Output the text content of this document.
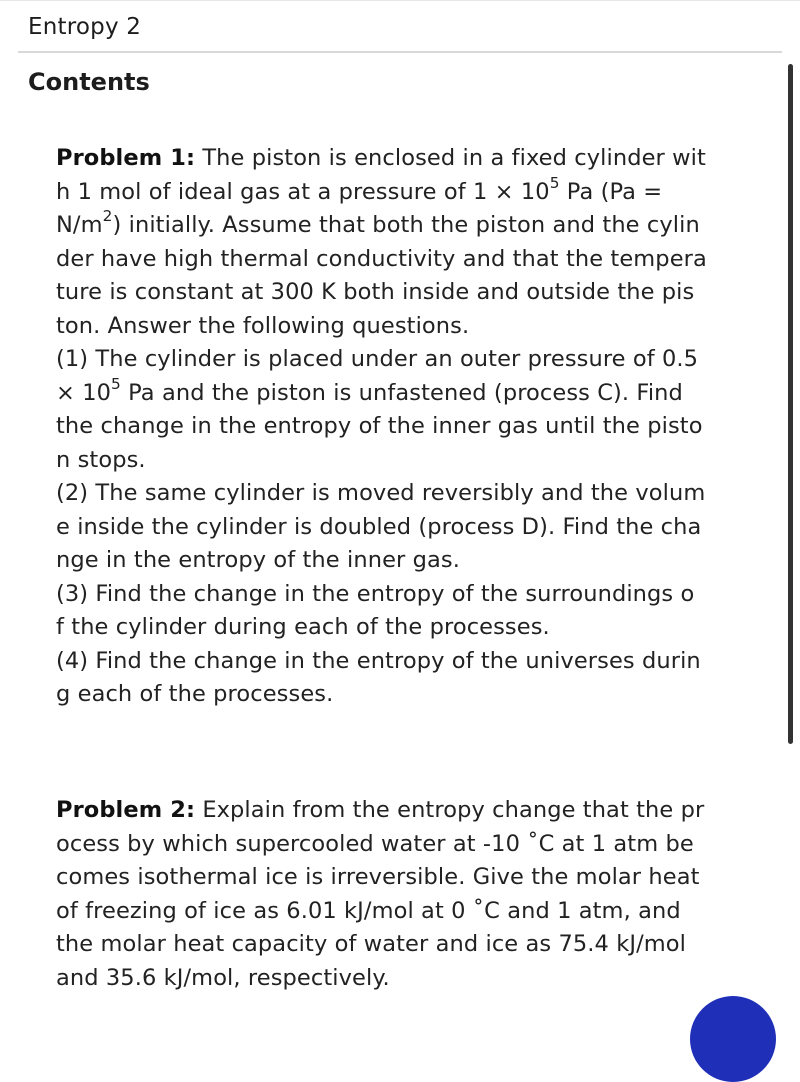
Entropy 2
Contents
Problem 1: The piston is enclosed in a fixed cylinder wit
h 1 mol of ideal gas at a pressure of $1 \times 10^5$ Pa (Pa =
$N/m^2$) initially. Assume that both the piston and the cylin
der have high thermal conductivity and that the tempera
ture is constant at 300 K both inside and outside the pis
ton. Answer the following questions.
(1) The cylinder is placed under an outer pressure of 0.5
× $10^5$ Pa and the piston is unfastened (process C). Find
the change in the entropy of the inner gas until the pisto
n stops.
(2) The same cylinder is moved reversibly and the volum
e inside the cylinder is doubled (process D). Find the cha
nge in the entropy of the inner gas.
(3) Find the change in the entropy of the surroundings o
f the cylinder during each of the processes.
(4) Find the change in the entropy of the universes durin
g each of the processes.
Problem 2: Explain from the entropy change that the pr
ocess by which supercooled water at -10 ˚C at 1 atm be
comes isothermal ice is irreversible. Give the molar heat
of freezing of ice as 6.01 kJ/mol at 0 ˚C and 1 atm, and
the molar heat capacity of water and ice as 75.4 kJ/mol
and 35.6 kJ/mol, respectively.
